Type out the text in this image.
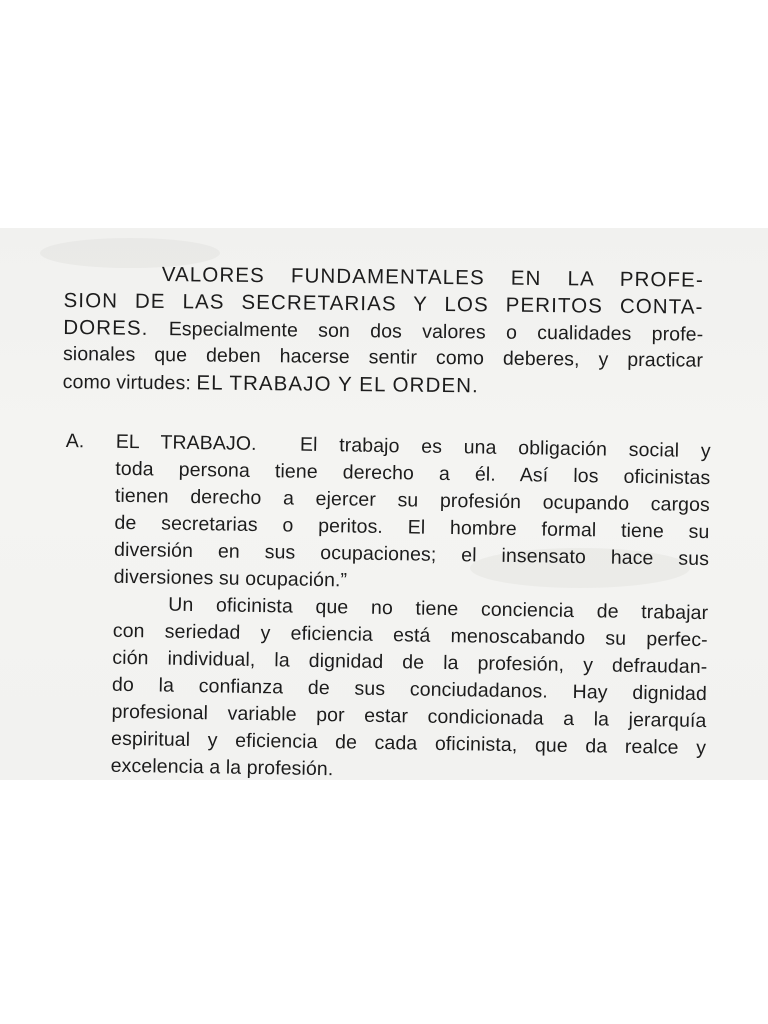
VALORES FUNDAMENTALES EN LA PROFE-
SION DE LAS SECRETARIAS Y LOS PERITOS CONTA-
DORES. Especialmente son dos valores o cualidades profe-
sionales que deben hacerse sentir como deberes, y practicar
como virtudes: EL TRABAJO Y EL ORDEN.
A. EL TRABAJO. El trabajo es una obligación social y
toda persona tiene derecho a él. Así los oficinistas
tienen derecho a ejercer su profesión ocupando cargos
de secretarias o peritos. El hombre formal tiene su
diversión en sus ocupaciones; el insensato hace sus
diversiones su ocupación.”
Un oficinista que no tiene conciencia de trabajar
con seriedad y eficiencia está menoscabando su perfec-
ción individual, la dignidad de la profesión, y defraudan-
do la confianza de sus conciudadanos. Hay dignidad
profesional variable por estar condicionada a la jerarquía
espiritual y eficiencia de cada oficinista, que da realce y
excelencia a la profesión.
